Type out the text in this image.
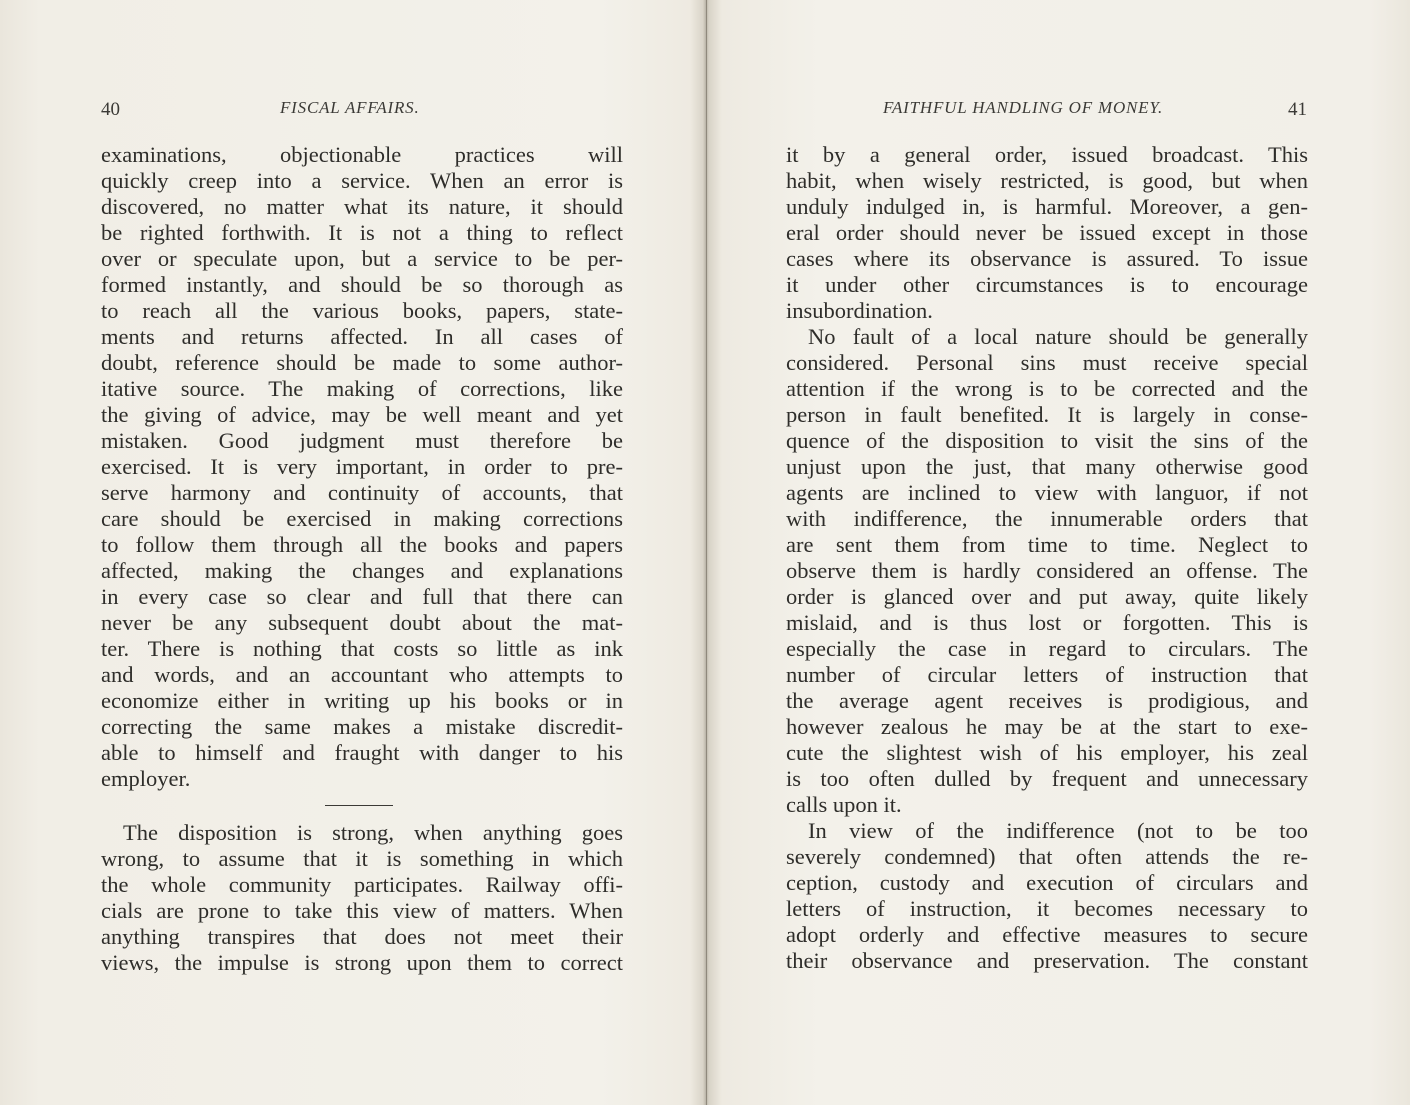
40	FISCAL AFFAIRS.
examinations, objectionable practices will
quickly creep into a service. When an error is
discovered, no matter what its nature, it should
be righted forthwith. It is not a thing to reflect
over or speculate upon, but a service to be per-
formed instantly, and should be so thorough as
to reach all the various books, papers, state-
ments and returns affected. In all cases of
doubt, reference should be made to some author-
itative source. The making of corrections, like
the giving of advice, may be well meant and yet
mistaken. Good judgment must therefore be
exercised. It is very important, in order to pre-
serve harmony and continuity of accounts, that
care should be exercised in making corrections
to follow them through all the books and papers
affected, making the changes and explanations
in every case so clear and full that there can
never be any subsequent doubt about the mat-
ter. There is nothing that costs so little as ink
and words, and an accountant who attempts to
economize either in writing up his books or in
correcting the same makes a mistake discredit-
able to himself and fraught with danger to his
employer.
The disposition is strong, when anything goes
wrong, to assume that it is something in which
the whole community participates. Railway offi-
cials are prone to take this view of matters. When
anything transpires that does not meet their
views, the impulse is strong upon them to correct
FAITHFUL HANDLING OF MONEY.	41
it by a general order, issued broadcast. This
habit, when wisely restricted, is good, but when
unduly indulged in, is harmful. Moreover, a gen-
eral order should never be issued except in those
cases where its observance is assured. To issue
it under other circumstances is to encourage
insubordination.
No fault of a local nature should be generally
considered. Personal sins must receive special
attention if the wrong is to be corrected and the
person in fault benefited. It is largely in conse-
quence of the disposition to visit the sins of the
unjust upon the just, that many otherwise good
agents are inclined to view with languor, if not
with indifference, the innumerable orders that
are sent them from time to time. Neglect to
observe them is hardly considered an offense. The
order is glanced over and put away, quite likely
mislaid, and is thus lost or forgotten. This is
especially the case in regard to circulars. The
number of circular letters of instruction that
the average agent receives is prodigious, and
however zealous he may be at the start to exe-
cute the slightest wish of his employer, his zeal
is too often dulled by frequent and unnecessary
calls upon it.
In view of the indifference (not to be too
severely condemned) that often attends the re-
ception, custody and execution of circulars and
letters of instruction, it becomes necessary to
adopt orderly and effective measures to secure
their observance and preservation. The constant
